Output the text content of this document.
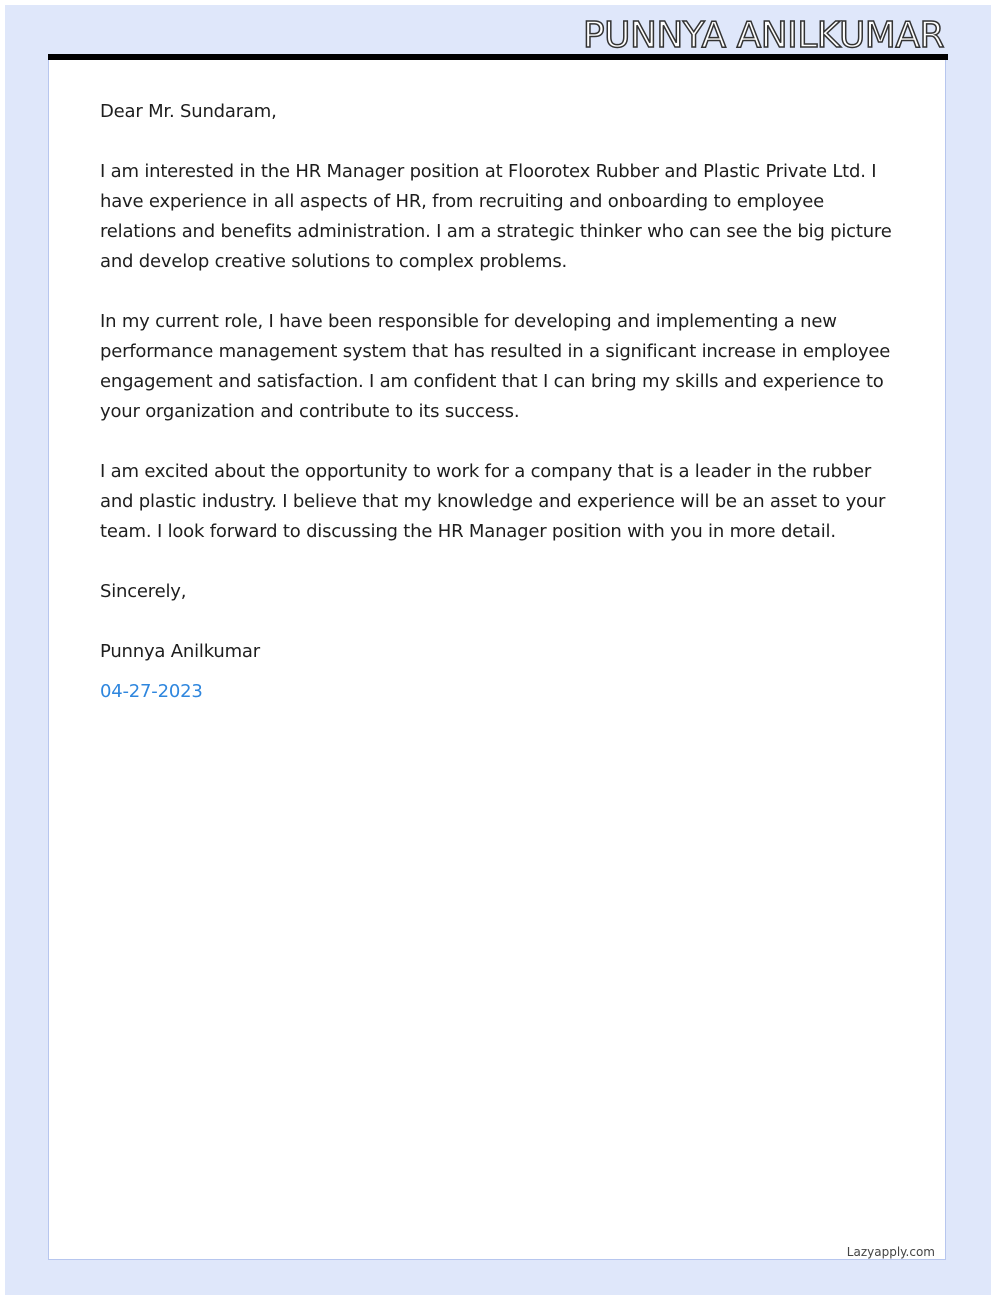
PUNNYA ANILKUMAR

Dear Mr. Sundaram,

I am interested in the HR Manager position at Floorotex Rubber and Plastic Private Ltd. I have experience in all aspects of HR, from recruiting and onboarding to employee relations and benefits administration. I am a strategic thinker who can see the big picture and develop creative solutions to complex problems.

In my current role, I have been responsible for developing and implementing a new performance management system that has resulted in a significant increase in employee engagement and satisfaction. I am confident that I can bring my skills and experience to your organization and contribute to its success.

I am excited about the opportunity to work for a company that is a leader in the rubber and plastic industry. I believe that my knowledge and experience will be an asset to your team. I look forward to discussing the HR Manager position with you in more detail.

Sincerely,

Punnya Anilkumar

04-27-2023

Lazyapply.com
